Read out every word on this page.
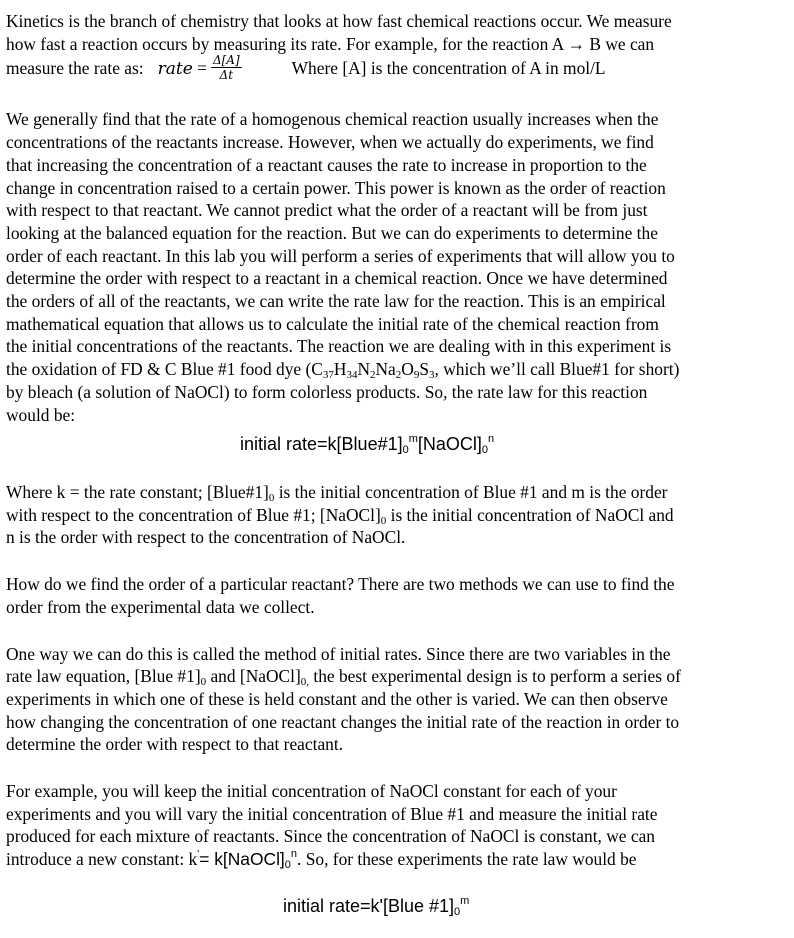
Kinetics is the branch of chemistry that looks at how fast chemical reactions occur. We measure
how fast a reaction occurs by measuring its rate. For example, for the reaction A → B we can
measure the rate as: rate = $\frac{\Delta[A]}{\Delta t}$	Where [A] is the concentration of A in mol/L

We generally find that the rate of a homogenous chemical reaction usually increases when the
concentrations of the reactants increase. However, when we actually do experiments, we find
that increasing the concentration of a reactant causes the rate to increase in proportion to the
change in concentration raised to a certain power. This power is known as the order of reaction
with respect to that reactant. We cannot predict what the order of a reactant will be from just
looking at the balanced equation for the reaction. But we can do experiments to determine the
order of each reactant. In this lab you will perform a series of experiments that will allow you to
determine the order with respect to a reactant in a chemical reaction. Once we have determined
the orders of all of the reactants, we can write the rate law for the reaction. This is an empirical
mathematical equation that allows us to calculate the initial rate of the chemical reaction from
the initial concentrations of the reactants. The reaction we are dealing with in this experiment is
the oxidation of FD & C Blue #1 food dye ($C_{37}H_{34}N_2Na_2O_9S_3$, which we’ll call Blue#1 for short)
by bleach (a solution of NaOCl) to form colorless products. So, the rate law for this reaction
would be:

initial $rate=k[Blue\#1]_0^m[NaOCl]_0^n$

Where k = the rate constant; $[Blue\#1]_0$ is the initial concentration of Blue #1 and m is the order
with respect to the concentration of Blue #1; $[NaOCl]_0$ is the initial concentration of NaOCl and
n is the order with respect to the concentration of NaOCl.

How do we find the order of a particular reactant? There are two methods we can use to find the
order from the experimental data we collect.

One way we can do this is called the method of initial rates. Since there are two variables in the
rate law equation, [Blue $\#1]_0$ and $[NaOCl]_{0,}$ the best experimental design is to perform a series of
experiments in which one of these is held constant and the other is varied. We can then observe
how changing the concentration of one reactant changes the initial rate of the reaction in order to
determine the order with respect to that reactant.

For example, you will keep the initial concentration of NaOCl constant for each of your
experiments and you will vary the initial concentration of Blue #1 and measure the initial rate
produced for each mixture of reactants. Since the concentration of NaOCl is constant, we can
introduce a new constant: $k'= k[NaOCl]_0^n$. So, for these experiments the rate law would be

initial rate=k'[Blue $\#1]_0^m$
